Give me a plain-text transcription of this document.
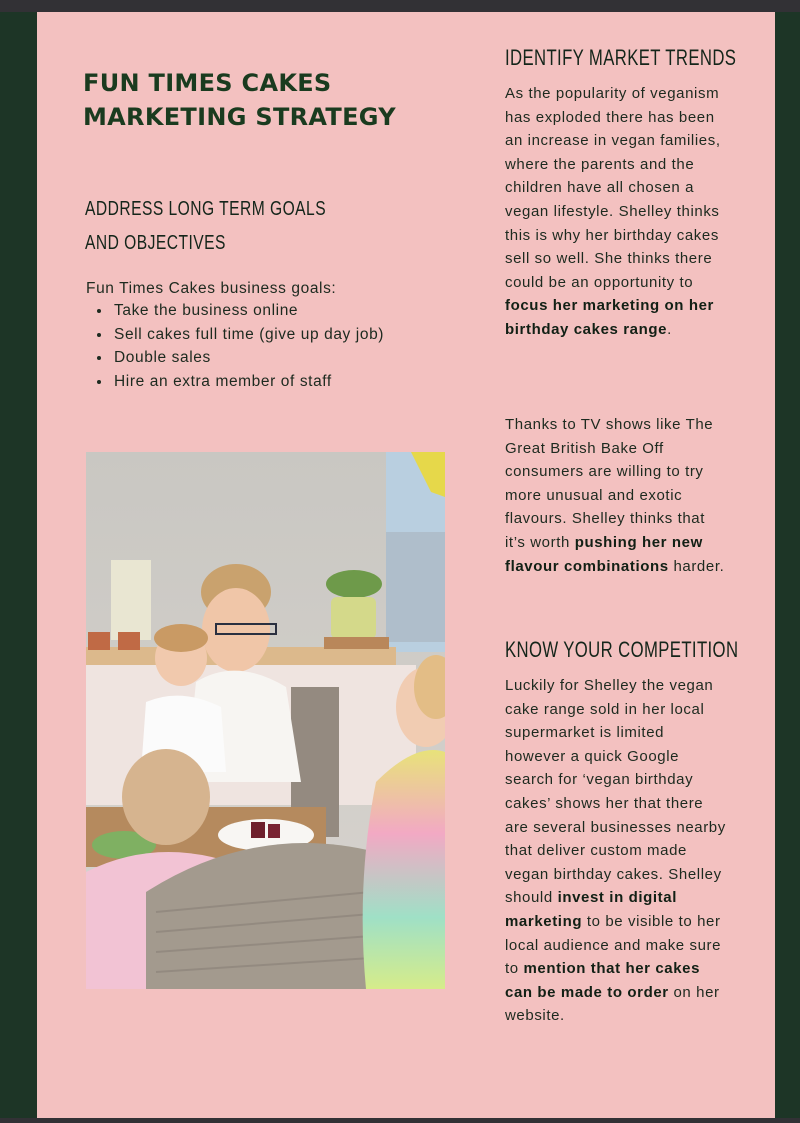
FUN TIMES CAKES
MARKETING STRATEGY
ADDRESS LONG TERM GOALS AND OBJECTIVES
Fun Times Cakes business goals:
• Take the business online
• Sell cakes full time (give up day job)
• Double sales
• Hire an extra member of staff
IDENTIFY MARKET TRENDS

As the popularity of veganism has exploded there has been an increase in vegan families, where the parents and the children have all chosen a vegan lifestyle. Shelley thinks this is why her birthday cakes sell so well. She thinks there could be an opportunity to focus her marketing on her birthday cakes range.

Thanks to TV shows like The Great British Bake Off consumers are willing to try more unusual and exotic flavours. Shelley thinks that it’s worth pushing her new flavour combinations harder.

KNOW YOUR COMPETITION

Luckily for Shelley the vegan cake range sold in her local supermarket is limited however a quick Google search for ‘vegan birthday cakes’ shows her that there are several businesses nearby that deliver custom made vegan birthday cakes. Shelley should invest in digital marketing to be visible to her local audience and make sure to mention that her cakes can be made to order on her website.
